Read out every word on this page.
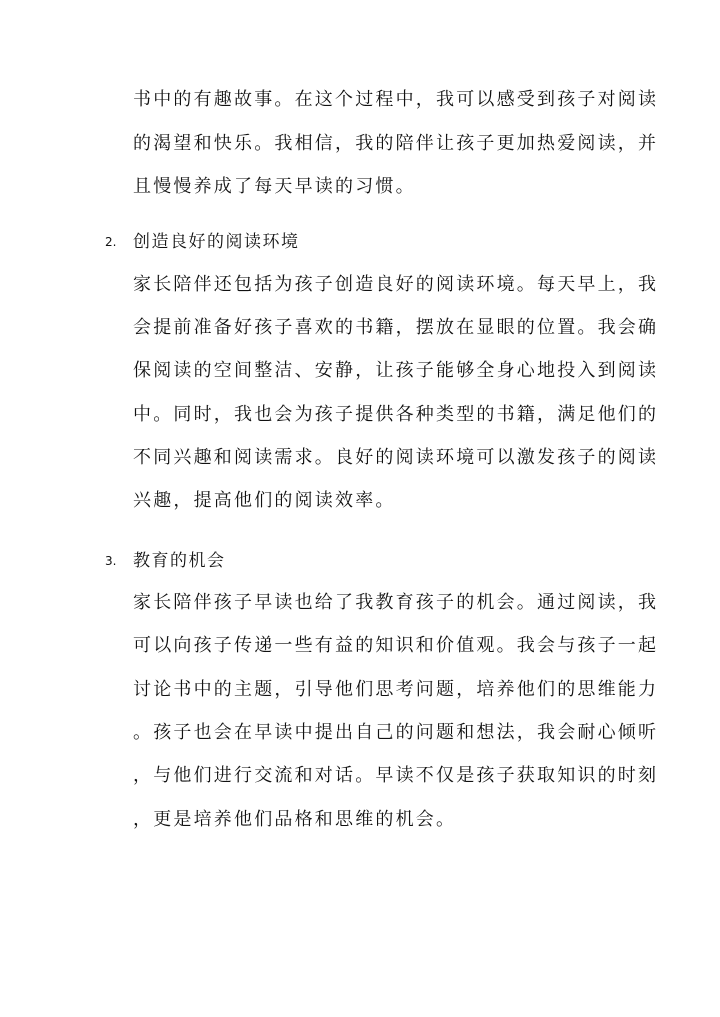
书中的有趣故事。在这个过程中，我可以感受到孩子对阅读
的渴望和快乐。我相信，我的陪伴让孩子更加热爱阅读，并
且慢慢养成了每天早读的习惯。
2. 创造良好的阅读环境
家长陪伴还包括为孩子创造良好的阅读环境。每天早上，我
会提前准备好孩子喜欢的书籍，摆放在显眼的位置。我会确
保阅读的空间整洁、安静，让孩子能够全身心地投入到阅读
中。同时，我也会为孩子提供各种类型的书籍，满足他们的
不同兴趣和阅读需求。良好的阅读环境可以激发孩子的阅读
兴趣，提高他们的阅读效率。
3. 教育的机会
家长陪伴孩子早读也给了我教育孩子的机会。通过阅读，我
可以向孩子传递一些有益的知识和价值观。我会与孩子一起
讨论书中的主题，引导他们思考问题，培养他们的思维能力
。孩子也会在早读中提出自己的问题和想法，我会耐心倾听
，与他们进行交流和对话。早读不仅是孩子获取知识的时刻
，更是培养他们品格和思维的机会。
